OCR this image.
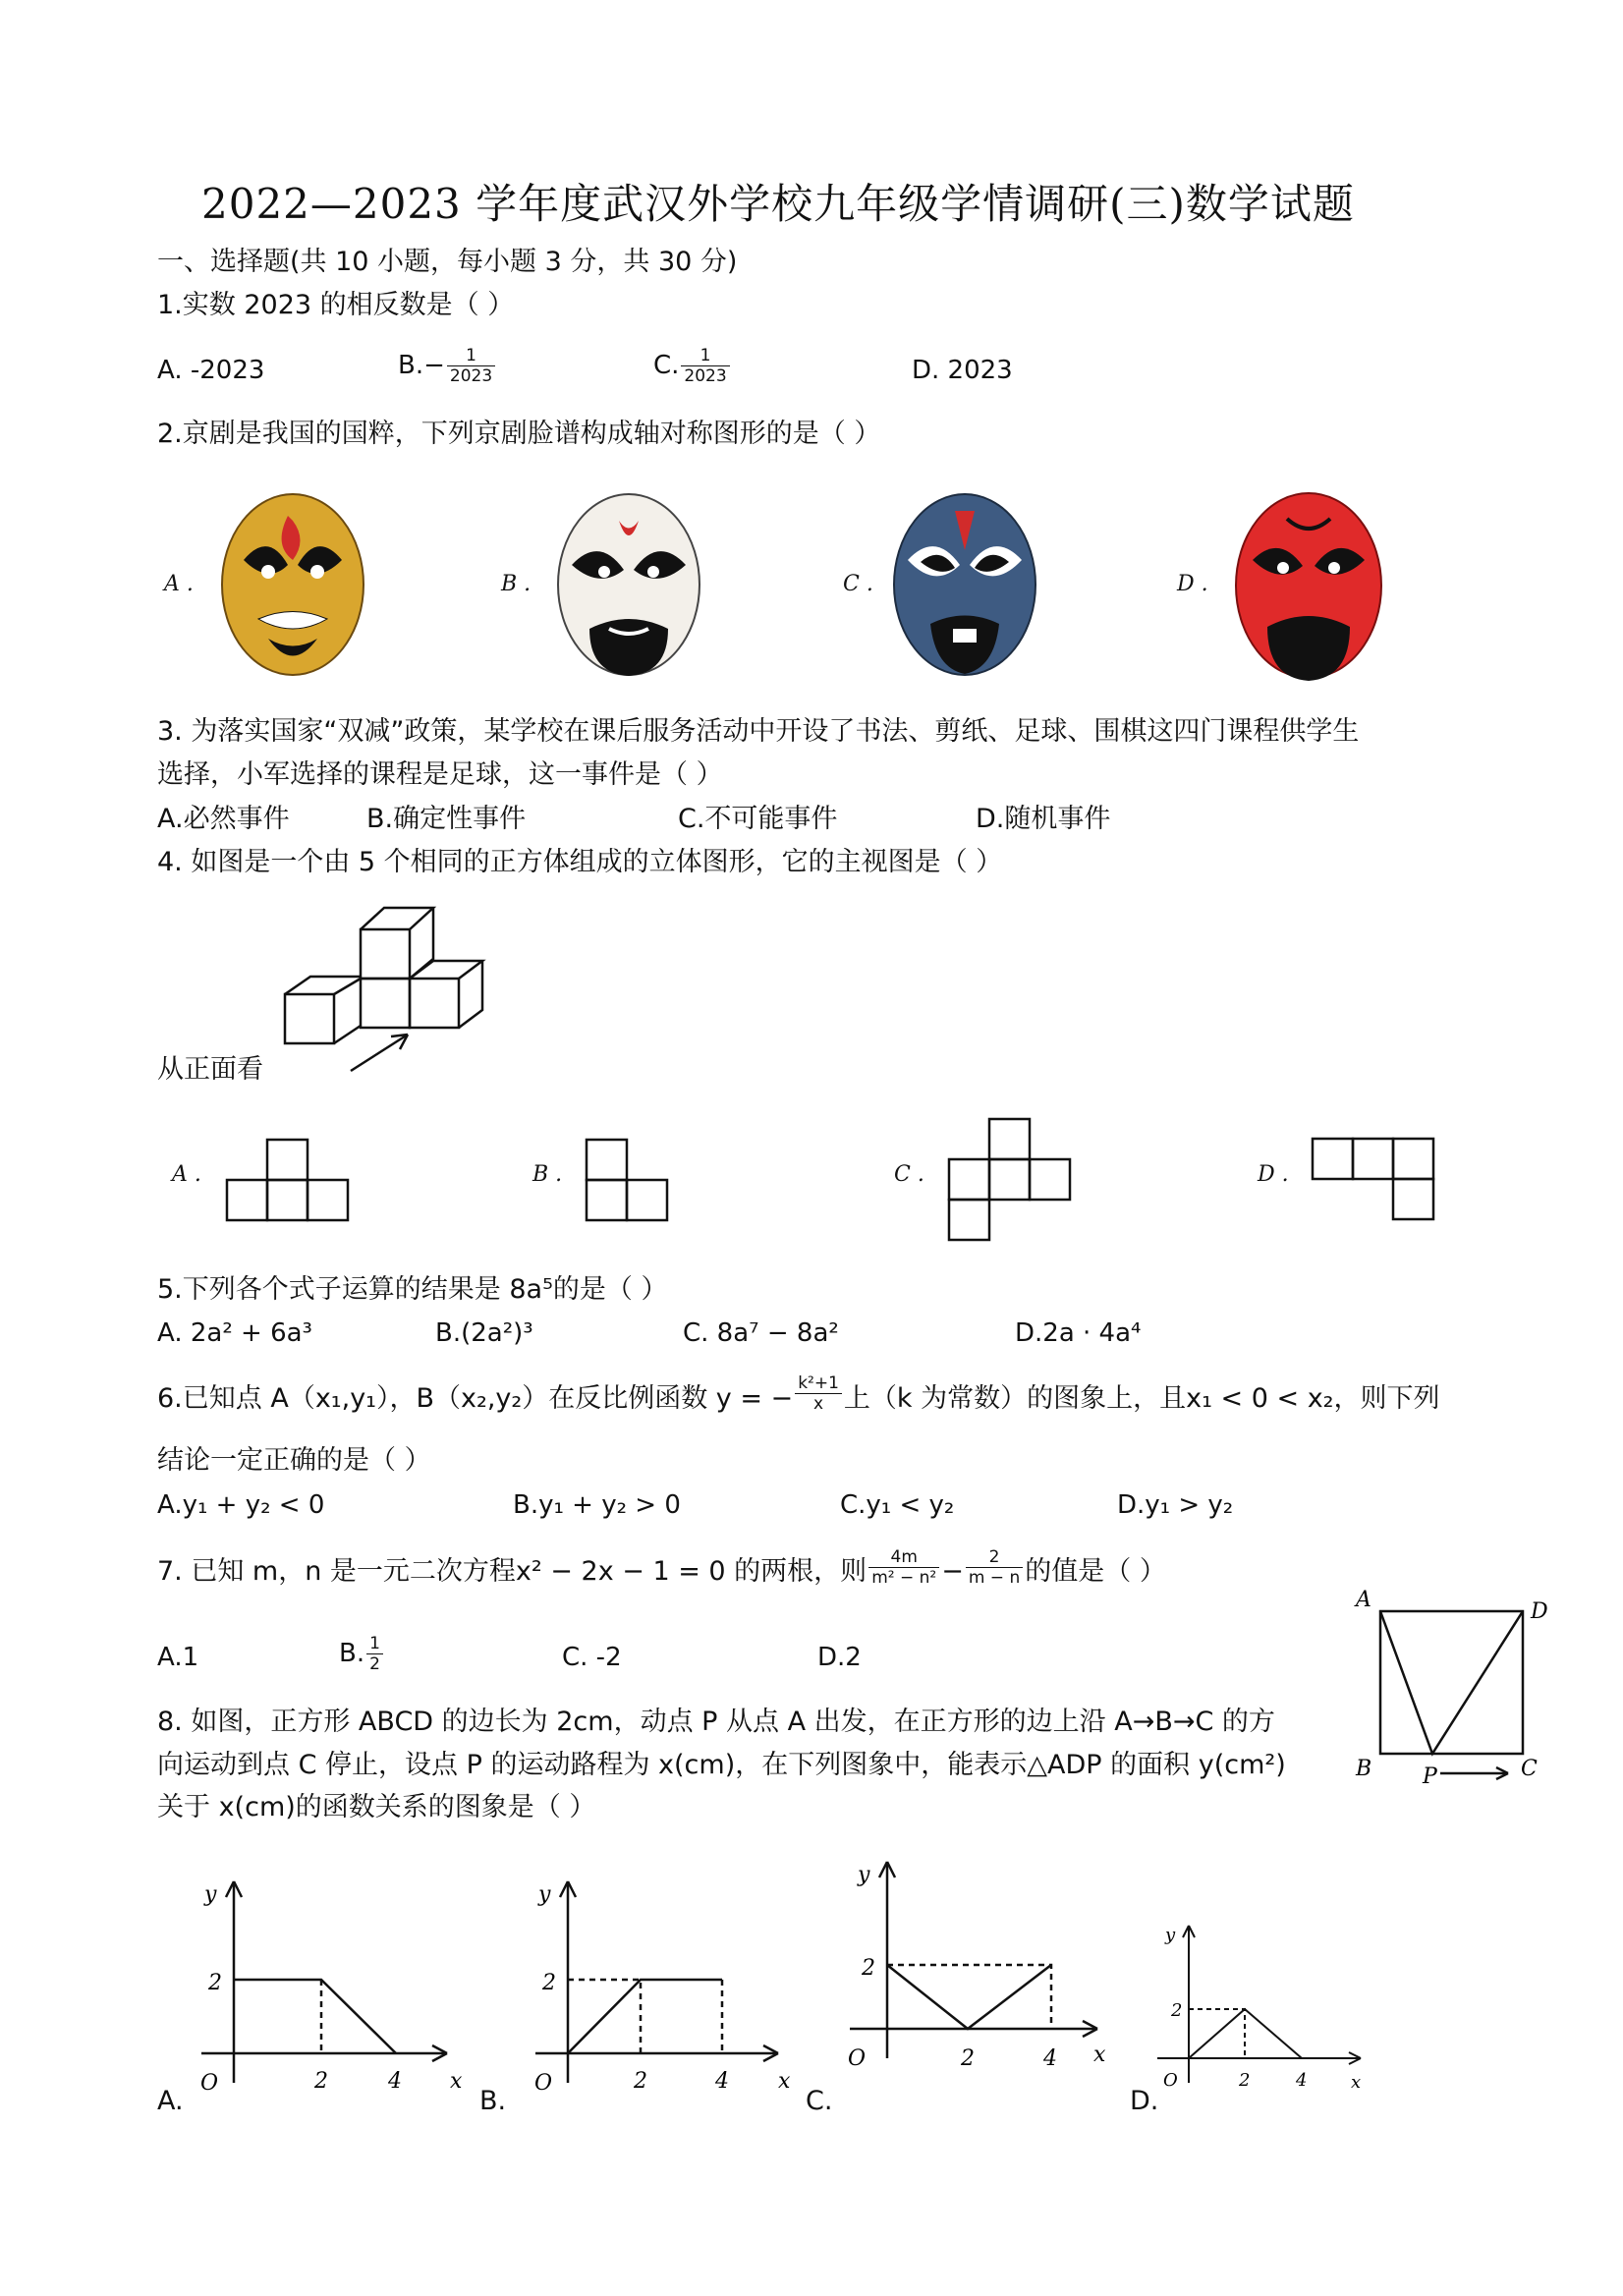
2022—2023 学年度武汉外学校九年级学情调研(三)数学试题
一、选择题(共 10 小题，每小题 3 分，共 30 分)
1.实数 2023 的相反数是（ ）
A. -2023	$B.- \frac{1}{2023}$	C. $\frac{1}{2023}$	D. 2023
2.京剧是我国的国粹，下列京剧脸谱构成轴对称图形的是（ ）
A .	B .	C .	D .
3. 为落实国家“双减”政策，某学校在课后服务活动中开设了书法、剪纸、足球、围棋这四门课程供学生
选择，小军选择的课程是足球，这一事件是（ ）
A.必然事件	B.确定性事件	C.不可能事件	D.随机事件
4. 如图是一个由 5 个相同的正方体组成的立体图形，它的主视图是（ ）
从正面看
A .	B .	C .	D .
5.下列各个式子运算的结果是 8a⁵的是（ ）
A. 2a² + 6a³	B.(2a²)³	C. 8a⁷ − 8a²	D.2a · 4a⁴
6.已知点 A（x₁,y₁），B（x₂,y₂）在反比例函数 y = − $\frac{\text{k²+1}}{x}$ 上（k 为常数）的图象上，且x₁ < 0 < x₂，则下列
结论一定正确的是（ ）
A.y₁ + y₂ < 0	B.y₁ + y₂ > 0	C.y₁ < y₂	D.y₁ > y₂
7. 已知 m，n 是一元二次方程x² − 2x − 1 = 0 的两根，则 $\frac{4m}{\text{m² − n²}} - \frac{2}{m - n}$ 的值是（ ）
A.1	B. $\frac{1}{2}$	C. -2	D.2
A	D
B P	C
8. 如图，正方形 ABCD 的边长为 2cm，动点 P 从点 A 出发，在正方形的边上沿 A→B→C 的方
向运动到点 C 停止，设点 P 的运动路程为 x(cm)，在下列图象中，能表示△ADP 的面积 y(cm²)
关于 x(cm)的函数关系的图象是（ ）
y
x
O
2
2	4
A.
y
x
O
2
2	4
B.
y
x
O
2
2	4
C.
y
x
O
2
2	4
D.
